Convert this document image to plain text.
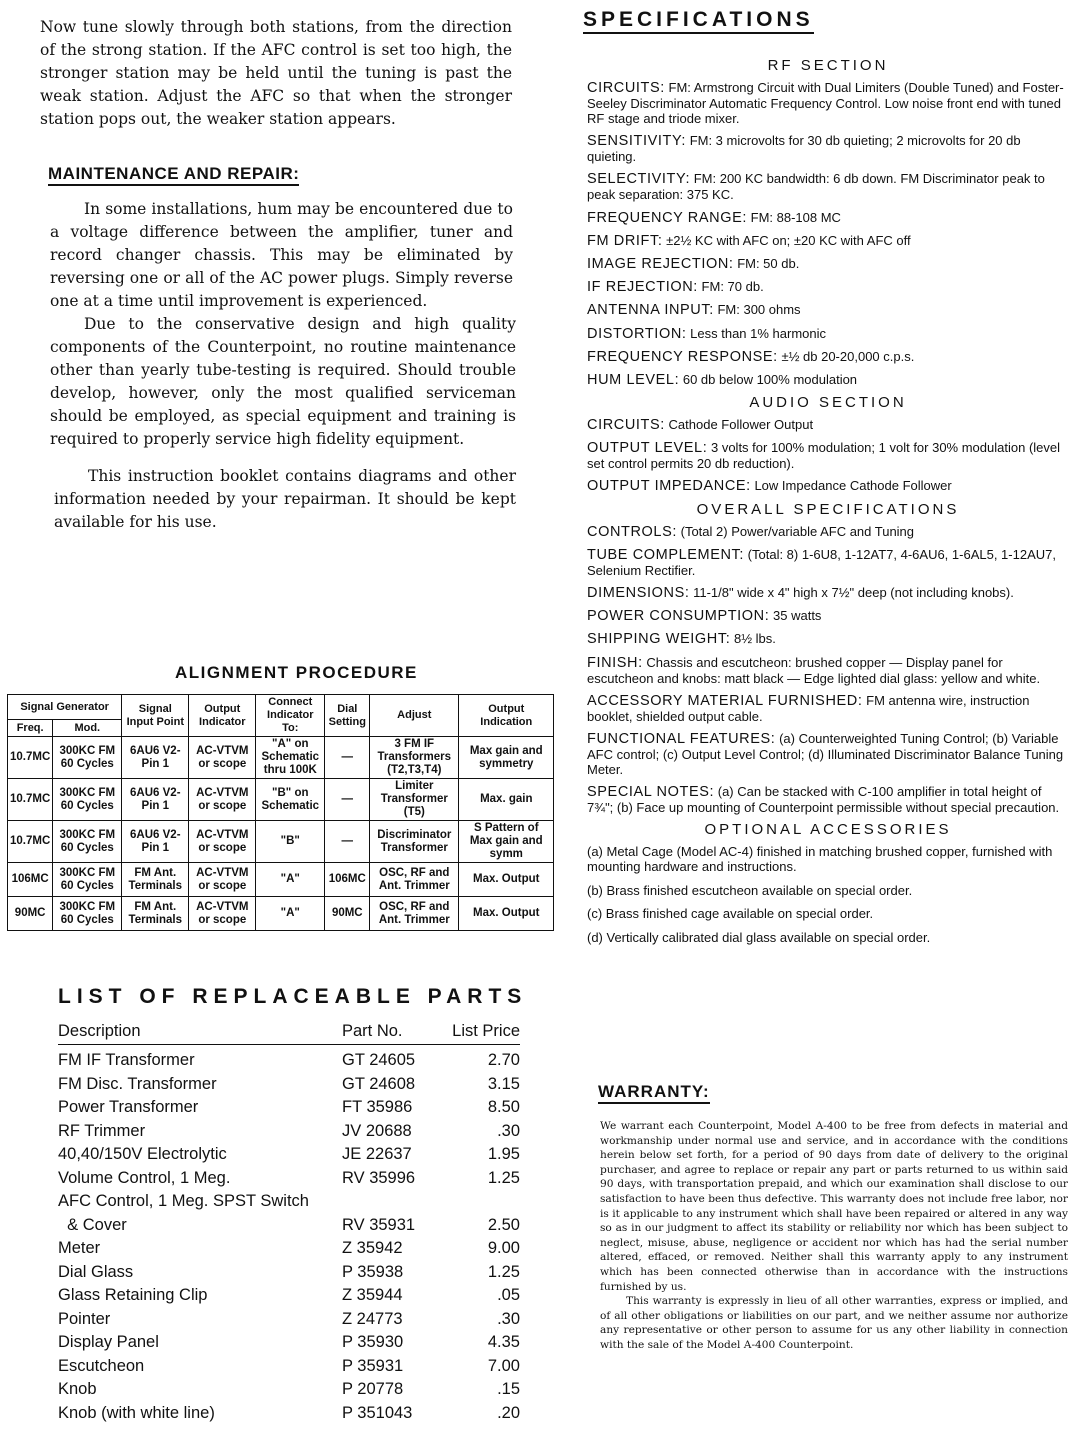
Now tune slowly through both stations, from the direction of the strong station. If the AFC control is set too high, the stronger station may be held until the tuning is past the weak station. Adjust the AFC so that when the stronger station pops out, the weaker station appears.

MAINTENANCE AND REPAIR:

In some installations, hum may be encountered due to a voltage difference between the amplifier, tuner and record changer chassis. This may be eliminated by reversing one or all of the AC power plugs. Simply reverse one at a time until improvement is experienced.

Due to the conservative design and high quality components of the Counterpoint, no routine maintenance other than yearly tube-testing is required. Should trouble develop, however, only the most qualified serviceman should be employed, as special equipment and training is required to properly service high fidelity equipment.

This instruction booklet contains diagrams and other information needed by your repairman. It should be kept available for his use.

ALIGNMENT PROCEDURE
Signal Generator		Signal Input Point	Output Indicator	Connect Indicator To:	Dial Setting	Adjust	Output Indication
Freq.	Mod.						
10.7MC	300KC FM 60 Cycles	6AU6 V2-Pin 1	AC-VTVM or scope	"A" on Schematic thru 100K	—	3 FM IF Transformers (T2,T3,T4)	Max gain and symmetry
10.7MC	300KC FM 60 Cycles	6AU6 V2-Pin 1	AC-VTVM or scope	"B" on Schematic	—	Limiter Transformer (T5)	Max. gain
10.7MC	300KC FM 60 Cycles	6AU6 V2-Pin 1	AC-VTVM or scope	"B"	—	Discriminator Transformer	S Pattern of Max gain and symm
106MC	300KC FM 60 Cycles	FM Ant. Terminals	AC-VTVM or scope	"A"	106MC	OSC, RF and Ant. Trimmer	Max. Output
90MC	300KC FM 60 Cycles	FM Ant. Terminals	AC-VTVM or scope	"A"	90MC	OSC, RF and Ant. Trimmer	Max. Output
LIST OF REPLACEABLE PARTS
Description	Part No.	List Price
FM IF Transformer	GT 24605	2.70
FM Disc. Transformer	GT 24608	3.15
Power Transformer	FT 35986	8.50
RF Trimmer	JV 20688	.30
40,40/150V Electrolytic	JE 22637	1.95
Volume Control, 1 Meg.	RV 35996	1.25
AFC Control, 1 Meg. SPST Switch
& Cover	RV 35931	2.50
Meter	Z 35942	9.00
Dial Glass	P 35938	1.25
Glass Retaining Clip	Z 35944	.05
Pointer	Z 24773	.30
Display Panel	P 35930	4.35
Escutcheon	P 35931	7.00
Knob	P 20778	.15
Knob (with white line)	P 351043	.20
SPECIFICATIONS
RF SECTION

CIRCUITS: FM: Armstrong Circuit with Dual Limiters (Double Tuned) and Foster-Seeley Discriminator Automatic Frequency Control. Low noise front end with tuned RF stage and triode mixer.

SENSITIVITY: FM: 3 microvolts for 30 db quieting; 2 microvolts for 20 db quieting.

SELECTIVITY: FM: 200 KC bandwidth: 6 db down. FM Discriminator peak to peak separation: 375 KC.

FREQUENCY RANGE: FM: 88-108 MC

FM DRIFT: ±2½ KC with AFC on; ±20 KC with AFC off

IMAGE REJECTION: FM: 50 db.

IF REJECTION: FM: 70 db.

ANTENNA INPUT: FM: 300 ohms

DISTORTION: Less than 1% harmonic

FREQUENCY RESPONSE: ±½ db 20-20,000 c.p.s.

HUM LEVEL: 60 db below 100% modulation

AUDIO SECTION

CIRCUITS: Cathode Follower Output

OUTPUT LEVEL: 3 volts for 100% modulation; 1 volt for 30% modulation (level set control permits 20 db reduction).

OUTPUT IMPEDANCE: Low Impedance Cathode Follower

OVERALL SPECIFICATIONS

CONTROLS: (Total 2) Power/variable AFC and Tuning

TUBE COMPLEMENT: (Total: 8) 1-6U8, 1-12AT7, 4-6AU6, 1-6AL5, 1-12AU7, Selenium Rectifier.

DIMENSIONS: 11-1/8" wide x 4" high x 7½" deep (not including knobs).

POWER CONSUMPTION: 35 watts

SHIPPING WEIGHT: 8½ lbs.

FINISH: Chassis and escutcheon: brushed copper — Display panel for escutcheon and knobs: matt black — Edge lighted dial glass: yellow and white.

ACCESSORY MATERIAL FURNISHED: FM antenna wire, instruction booklet, shielded output cable.

FUNCTIONAL FEATURES: (a) Counterweighted Tuning Control; (b) Variable AFC control; (c) Output Level Control; (d) Illuminated Discriminator Balance Tuning Meter.

SPECIAL NOTES: (a) Can be stacked with C-100 amplifier in total height of 7¾"; (b) Face up mounting of Counterpoint permissible without special precaution.

OPTIONAL ACCESSORIES

(a) Metal Cage (Model AC-4) finished in matching brushed copper, furnished with mounting hardware and instructions.

(b) Brass finished escutcheon available on special order.

(c) Brass finished cage available on special order.

(d) Vertically calibrated dial glass available on special order.

WARRANTY:

We warrant each Counterpoint, Model A-400 to be free from defects in material and workmanship under normal use and service, and in accordance with the conditions herein below set forth, for a period of 90 days from date of delivery to the original purchaser, and agree to replace or repair any part or parts returned to us within said 90 days, with transportation prepaid, and which our examination shall disclose to our satisfaction to have been thus defective. This warranty does not include free labor, nor is it applicable to any instrument which shall have been repaired or altered in any way so as in our judgment to affect its stability or reliability nor which has been subject to neglect, misuse, abuse, negligence or accident nor which has had the serial number altered, effaced, or removed. Neither shall this warranty apply to any instrument which has been connected otherwise than in accordance with the instructions furnished by us.

This warranty is expressly in lieu of all other warranties, express or implied, and of all other obligations or liabilities on our part, and we neither assume nor authorize any representative or other person to assume for us any other liability in connection with the sale of the Model A-400 Counterpoint.
